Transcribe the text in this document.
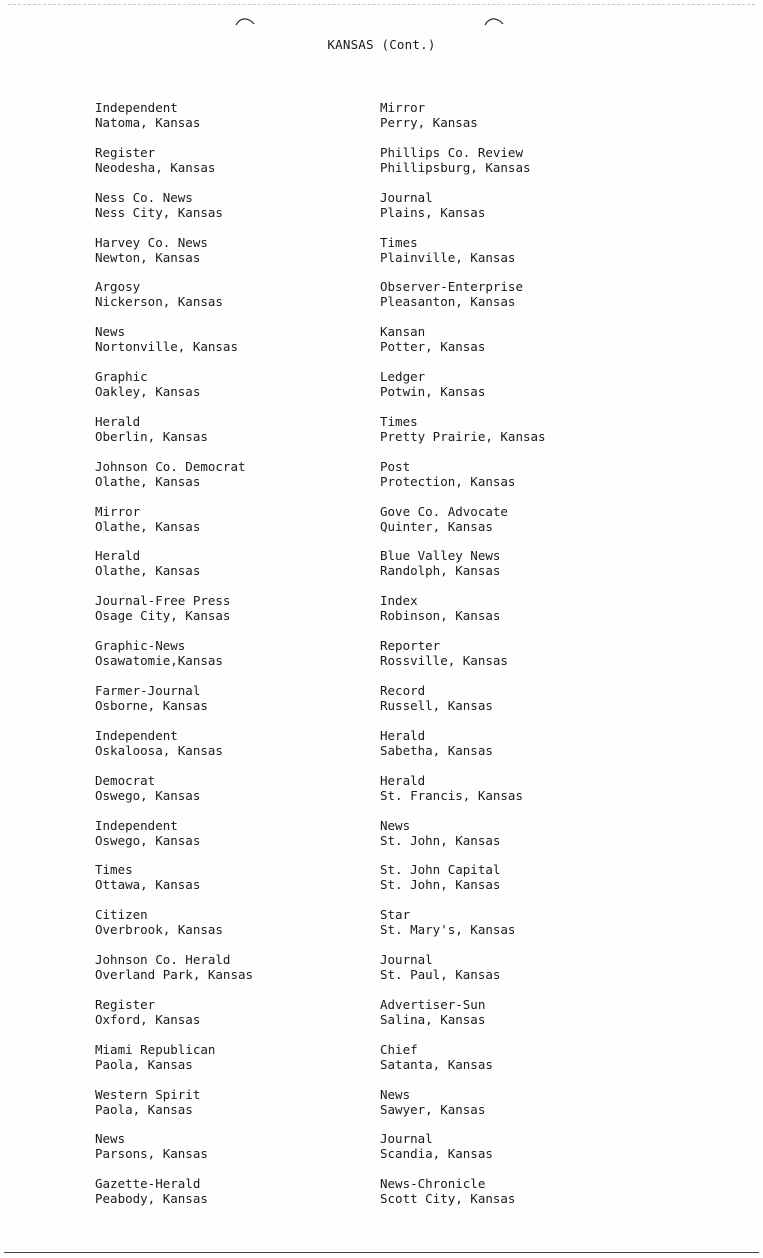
KANSAS (Cont.)
Independent
Natoma, Kansas
Register
Neodesha, Kansas
Ness Co. News
Ness City, Kansas
Harvey Co. News
Newton, Kansas
Argosy
Nickerson, Kansas
News
Nortonville, Kansas
Graphic
Oakley, Kansas
Herald
Oberlin, Kansas
Johnson Co. Democrat
Olathe, Kansas
Mirror
Olathe, Kansas
Herald
Olathe, Kansas
Journal-Free Press
Osage City, Kansas
Graphic-News
Osawatomie,Kansas
Farmer-Journal
Osborne, Kansas
Independent
Oskaloosa, Kansas
Democrat
Oswego, Kansas
Independent
Oswego, Kansas
Times
Ottawa, Kansas
Citizen
Overbrook, Kansas
Johnson Co. Herald
Overland Park, Kansas
Register
Oxford, Kansas
Miami Republican
Paola, Kansas
Western Spirit
Paola, Kansas
News
Parsons, Kansas
Gazette-Herald
Peabody, Kansas
Mirror
Perry, Kansas
Phillips Co. Review
Phillipsburg, Kansas
Journal
Plains, Kansas
Times
Plainville, Kansas
Observer-Enterprise
Pleasanton, Kansas
Kansan
Potter, Kansas
Ledger
Potwin, Kansas
Times
Pretty Prairie, Kansas
Post
Protection, Kansas
Gove Co. Advocate
Quinter, Kansas
Blue Valley News
Randolph, Kansas
Index
Robinson, Kansas
Reporter
Rossville, Kansas
Record
Russell, Kansas
Herald
Sabetha, Kansas
Herald
St. Francis, Kansas
News
St. John, Kansas
St. John Capital
St. John, Kansas
Star
St. Mary's, Kansas
Journal
St. Paul, Kansas
Advertiser-Sun
Salina, Kansas
Chief
Satanta, Kansas
News
Sawyer, Kansas
Journal
Scandia, Kansas
News-Chronicle
Scott City, Kansas
